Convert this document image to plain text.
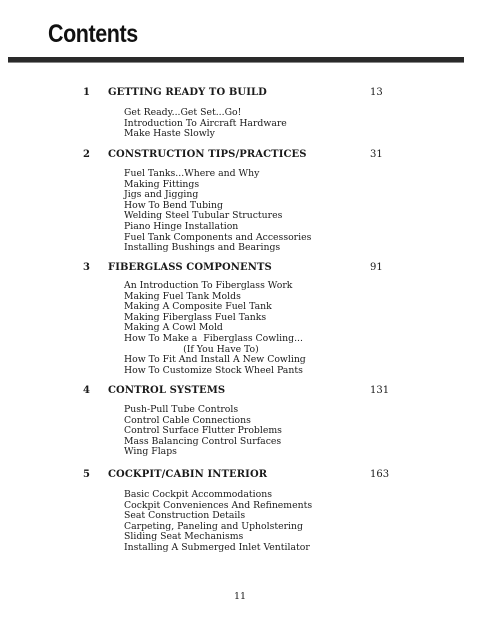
Contents
1 GETTING READY TO BUILD	13
Get Ready...Get Set...Go!
Introduction To Aircraft Hardware
Make Haste Slowly
2 CONSTRUCTION TIPS/PRACTICES	31
Fuel Tanks...Where and Why
Making Fittings
Jigs and Jigging
How To Bend Tubing
Welding Steel Tubular Structures
Piano Hinge Installation
Fuel Tank Components and Accessories
Installing Bushings and Bearings
3 FIBERGLASS COMPONENTS	91
An Introduction To Fiberglass Work
Making Fuel Tank Molds
Making A Composite Fuel Tank
Making Fiberglass Fuel Tanks
Making A Cowl Mold
How To Make a  Fiberglass Cowling...
(If You Have To)
How To Fit And Install A New Cowling
How To Customize Stock Wheel Pants
4 CONTROL SYSTEMS	131
Push-Pull Tube Controls
Control Cable Connections
Control Surface Flutter Problems
Mass Balancing Control Surfaces
Wing Flaps
5 COCKPIT/CABIN INTERIOR	163
Basic Cockpit Accommodations
Cockpit Conveniences And Refinements
Seat Construction Details
Carpeting, Paneling and Upholstering
Sliding Seat Mechanisms
Installing A Submerged Inlet Ventilator
11
